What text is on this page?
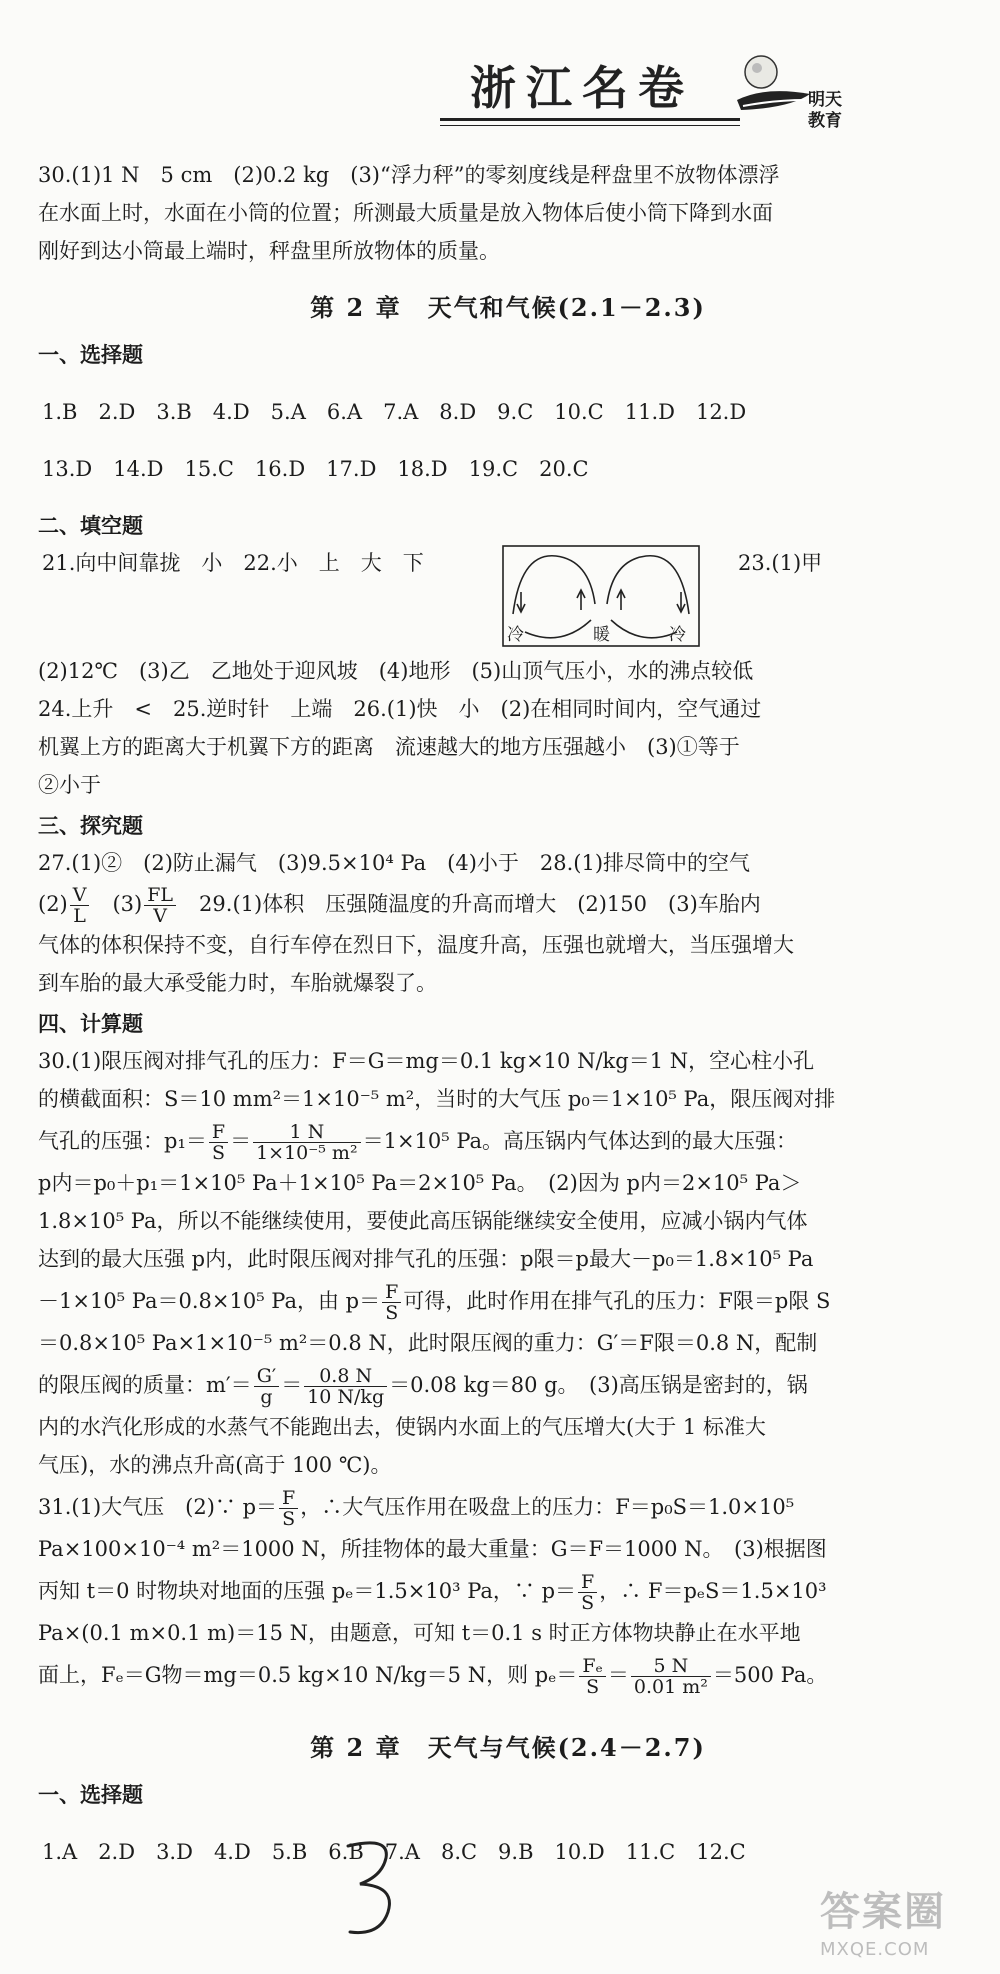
浙江名卷	明天教育

30.(1)1 N　5 cm　(2)0.2 kg　(3)“浮力秤”的零刻度线是秤盘里不放物体漂浮

在水面上时，水面在小筒的位置；所测最大质量是放入物体后使小筒下降到水面

刚好到达小筒最上端时，秤盘里所放物体的质量。

第 2 章　天气和气候(2.1－2.3)
一、选择题

1.B　2.D　3.B　4.D　5.A　6.A　7.A　8.D　9.C　10.C　11.D　12.D

13.D　14.D　15.C　16.D　17.D　18.D　19.C　20.C

二、填空题
21.向中间靠拢　小　22.小　上　大　下
冷	暖	冷
23.(1)甲

(2)12℃　(3)乙　乙地处于迎风坡　(4)地形　(5)山顶气压小，水的沸点较低

24.上升　<　25.逆时针　上端　26.(1)快　小　(2)在相同时间内，空气通过

机翼上方的距离大于机翼下方的距离　流速越大的地方压强越小　(3)①等于

②小于

三、探究题

27.(1)②　(2)防止漏气　(3)9.5×10⁴ Pa　(4)小于　28.(1)排尽筒中的空气

$(2) \frac{V}{L}$
　 $(3) \frac{FL}{V}$
　 29.(1)体积　压强随温度的升高而增大　(2)150　(3)车胎内

气体的体积保持不变，自行车停在烈日下，温度升高，压强也就增大，当压强增大

到车胎的最大承受能力时，车胎就爆裂了。

四、计算题

30.(1)限压阀对排气孔的压力：F＝G＝mg＝0.1 kg×10 N/kg＝1 N，空心柱小孔

的横截面积：S＝10 mm²＝1×10⁻⁵ m²，当时的大气压 p₀＝1×10⁵ Pa，限压阀对排

气孔的压强：$p_1= \frac{F}{S} = \frac{1 N}{\text{1×10⁻⁵ m²}} =1\times 10^5$ Pa。高压锅内气体达到的最大压强：

p内＝p₀＋p₁＝1×10⁵ Pa＋1×10⁵ Pa＝2×10⁵ Pa。　(2)因为 p内＝2×10⁵ Pa＞

1.8×10⁵ Pa，所以不能继续使用，要使此高压锅能继续安全使用，应减小锅内气体

达到的最大压强 p内，此时限压阀对排气孔的压强：p限＝p最大－p₀＝1.8×10⁵ Pa

－1×10⁵ Pa＝0.8×10⁵ Pa，由 $p= \frac{F}{S}$ 可得，此时作用在排气孔的压力：F限＝p限 S

＝0.8×10⁵ Pa×1×10⁻⁵ m²＝0.8 N，此时限压阀的重力：G′＝F限＝0.8 N，配制

的限压阀的质量：$m'= \frac{G'}{g} = \frac{0.8 N}{10 N/kg} =0.08$ kg＝80 g。　(3)高压锅是密封的，锅

内的水汽化形成的水蒸气不能跑出去，使锅内水面上的气压增大(大于 1 标准大

气压)，水的沸点升高(高于 100 ℃)。

31.(1)大气压　(2)∵ $p= \frac{F}{S}$ ，∴大气压作用在吸盘上的压力：F＝p₀S＝1.0×10⁵

Pa×100×10⁻⁴ m²＝1000 N，所挂物体的最大重量：G＝F＝1000 N。　(3)根据图

丙知 t＝0 时物块对地面的压强 pₑ＝1.5×10³ Pa，∵ $p= \frac{F}{S}$ ，∴ F＝pₑS＝1.5×10³

Pa×(0.1 m×0.1 m)＝15 N，由题意，可知 t＝0.1 s 时正方体物块静止在水平地

面上，Fₑ＝G物＝mg＝0.5 kg×10 N/kg＝5 N，则 $p_e= \frac{\text{Fₑ}}{S} = \frac{5 N}{\text{0.01 m²}} =500$ Pa。

第 2 章　天气与气候(2.4－2.7)
一、选择题

1.A　2.D　3.D　4.D　5.B　6.B　7.A　8.C　9.B　10.D　11.C　12.C

答案圈
MXQE.COM
